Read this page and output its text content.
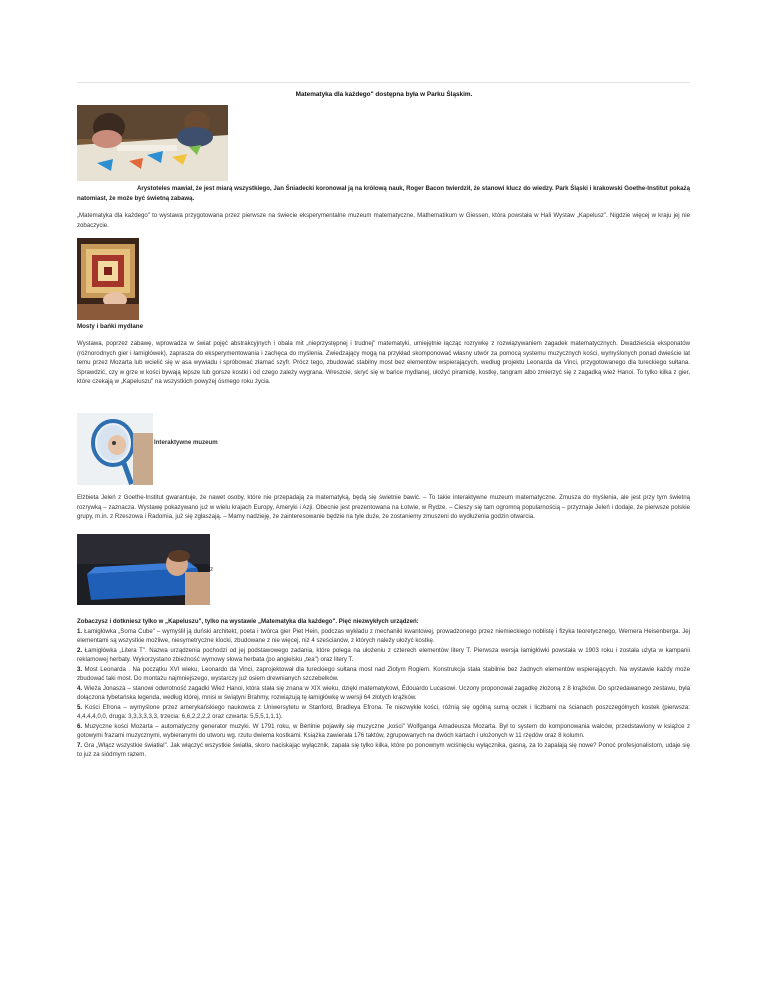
Matematyka dla każdego" dostępna była w Parku Śląskim.
Arystoteles mawiał, że jest miarą wszystkiego, Jan Śniadecki koronował ją na królową nauk, Roger Bacon twierdził, że stanowi klucz do wiedzy. Park Śląski i krakowski Goethe-Institut pokażą natomiast, że może być świetną zabawą.
„Matematyka dla każdego" to wystawa przygotowana przez pierwsze na świecie eksperymentalne muzeum matematyczne, Mathematikum w Giessen, która powstała w Hali Wystaw „Kapelusz". Nigdzie więcej w kraju jej nie zobaczycie.
Mosty i bańki mydlane
Wystawa, poprzez zabawę, wprowadza w świat pojęć abstrakcyjnych i obala mit „nieprzystępnej i trudnej" matematyki, umiejętnie łącząc rozrywkę z rozwiązywaniem zagadek matematycznych. Dwadzieścia eksponatów (różnorodnych gier i łamigłówek), zaprasza do eksperymentowania i zachęca do myślenia. Zwiedzający mogą na przykład skomponować własny utwór za pomocą systemu muzycznych kości, wymyślonych ponad dwieście lat temu przez Mozarta lub wcielić się w asa wywiadu i spróbować złamać szyfr. Prócz tego, zbudować stabilny most bez elementów wspierających, według projektu Leonarda da Vinci, przygotowanego dla tureckiego sułtana. Sprawdzić, czy w grze w kości bywają lepsze lub gorsze kostki i od czego zależy wygrana. Wreszcie, skryć się w bańce mydlanej, ułożyć piramidę, kostkę, tangram albo zmierzyć się z zagadką wież Hanoi. To tylko kilka z gier, które czekają w „Kapeluszu" na wszystkich powyżej ósmego roku życia.
Interaktywne muzeum
Elżbieta Jeleń z Goethe-Institut gwarantuje, że nawet osoby, które nie przepadają za matematyką, będą się świetnie bawić. – To takie interaktywne muzeum matematyczne. Zmusza do myślenia, ale jest przy tym świetną rozrywką – zaznacza. Wystawę pokazywano już w wielu krajach Europy, Ameryki i Azji. Obecnie jest prezentowana na Łotwie, w Rydze. – Cieszy się tam ogromną popularnością – przyznaje Jeleń i dodaje, że pierwsze polskie grupy, m.in. z Rzeszowa i Radomia, już się zgłaszają. – Mamy nadzieję, że zainteresowanie będzie na tyle duże, że zostaniemy zmuszeni do wydłużenia godzin otwarcia.
z
Zobaczysz i dotkniesz tylko w „Kapeluszu", tylko na wystawie „Matematyka dla każdego". Pięć niezwykłych urządzeń:
1. Łamigłówka „Soma Cube" – wymyślił ją duński architekt, poeta i twórca gier Piet Hein, podczas wykładu z mechaniki kwantowej, prowadzonego przez niemieckiego noblistę i fizyka teoretycznego, Wernera Heisenberga. Jej elementami są wszystkie możliwe, niesymetryczne klocki, zbudowane z nie więcej, niż 4 sześcianów, z których należy ułożyć kostkę.
2. Łamigłówka „Litera T". Nazwa urządzenia pochodzi od jej podstawowego zadania, które polega na ułożeniu z czterech elementów litery T. Pierwsza wersja łamigłówki powstała w 1903 roku i została użyta w kampanii reklamowej herbaty. Wykorzystano zbieżność wymowy słowa herbata (po angielsku „tea") oraz litery T.
3. Most Leonarda . Na początku XVI wieku, Leonardo da Vinci, zaprojektował dla tureckiego sułtana most nad Złotym Rogiem. Konstrukcja stała stabilnie bez żadnych elementów wspierających. Na wystawie każdy może zbudować taki most. Do montażu najmniejszego, wystarczy już osiem drewnianych szczebelków.
4. Wieża Jonasza – stanowi odwrotność zagadki Wież Hanoi, która stała się znana w XIX wieku, dzięki matematykowi, Édouardo Lucasowi. Uczony proponował zagadkę złożoną z 8 krążków. Do sprzedawanego zestawu, była dołączona tybetańska legenda, według której, mnisi w świątyni Brahmy, rozwiązują tę łamigłówkę w wersji 64 złotych krążków.
5. Kości Efrona – wymyślone przez amerykańskiego naukowca z Uniwersytetu w Stanford, Bradleya Efrona. Te niezwykłe kości, różnią się ogólną sumą oczek i liczbami na ścianach poszczególnych kostek (pierwsza: 4,4,4,4,0,0, druga: 3,3,3,3,3,3, trzecia: 6,6,2,2,2,2 oraz czwarta: 5,5,5,1,1,1).
6. Muzyczne kości Mozarta – automatyczny generator muzyki. W 1791 roku, w Berlinie pojawiły się muzyczne „kości" Wolfganga Amadeusza Mozarta. Był to system do komponowania walców, przedstawiony w książce z gotowymi frazami muzycznymi, wybieranymi do utworu wg. rzutu dwiema kostkami. Książka zawierała 176 taktów, zgrupowanych na dwóch kartach i ułożonych w 11 rzędów oraz 8 kolumn.
7. Gra „Włącz wszystkie światła!". Jak włączyć wszystkie światła, skoro naciskając wyłącznik, zapala się tylko kilka, które po ponownym wciśnięciu wyłącznika, gasną, za to zapalają się nowe? Ponoć profesjonalistom, udaje się to już za siódmym razem.
